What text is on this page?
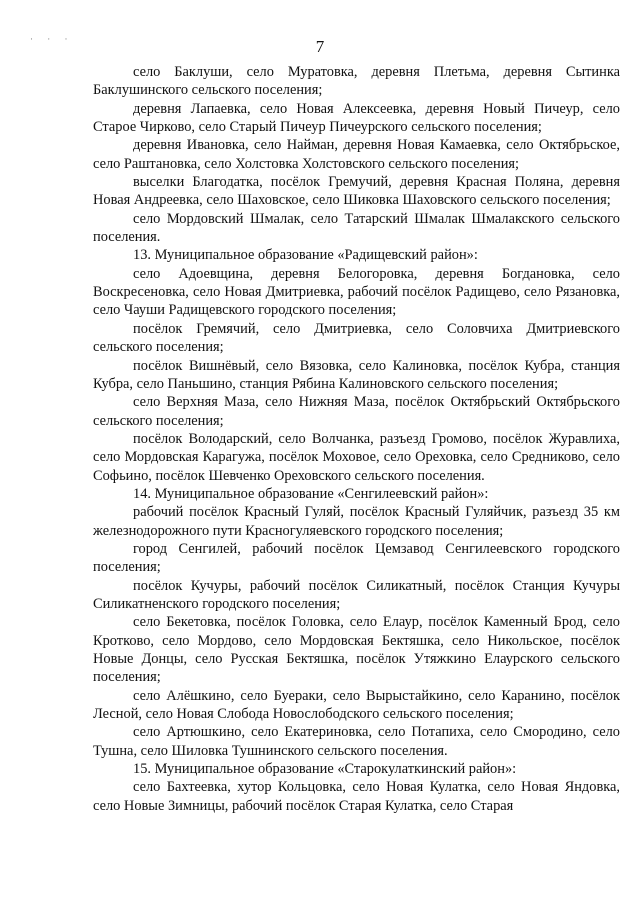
· · ·	7

село Баклуши, село Муратовка, деревня Плетьма, деревня Сытинка Баклушинского сельского поселения;

деревня Лапаевка, село Новая Алексеевка, деревня Новый Пичеур, село Старое Чирково, село Старый Пичеур Пичеурского сельского поселения;

деревня Ивановка, село Найман, деревня Новая Камаевка, село Октябрьское, село Раштановка, село Холстовка Холстовского сельского поселения;

выселки Благодатка, посёлок Гремучий, деревня Красная Поляна, деревня Новая Андреевка, село Шаховское, село Шиковка Шаховского сельского поселения;

село Мордовский Шмалак, село Татарский Шмалак Шмалакского сельского поселения.

13. Муниципальное образование «Радищевский район»:

село Адоевщина, деревня Белогоровка, деревня Богдановка, село Воскресеновка, село Новая Дмитриевка, рабочий посёлок Радищево, село Рязановка, село Чауши Радищевского городского поселения;

посёлок Гремячий, село Дмитриевка, село Соловчиха Дмитриевского сельского поселения;

посёлок Вишнёвый, село Вязовка, село Калиновка, посёлок Кубра, станция Кубра, село Паньшино, станция Рябина Калиновского сельского поселения;

село Верхняя Маза, село Нижняя Маза, посёлок Октябрьский Октябрьского сельского поселения;

посёлок Володарский, село Волчанка, разъезд Громово, посёлок Журавлиха, село Мордовская Карагужа, посёлок Моховое, село Ореховка, село Средниково, село Софьино, посёлок Шевченко Ореховского сельского поселения.

14. Муниципальное образование «Сенгилеевский район»:

рабочий посёлок Красный Гуляй, посёлок Красный Гуляйчик, разъезд 35 км железнодорожного пути Красногуляевского городского поселения;

город Сенгилей, рабочий посёлок Цемзавод Сенгилеевского городского поселения;

посёлок Кучуры, рабочий посёлок Силикатный, посёлок Станция Кучуры Силикатненского городского поселения;

село Бекетовка, посёлок Головка, село Елаур, посёлок Каменный Брод, село Кротково, село Мордово, село Мордовская Бектяшка, село Никольское, посёлок Новые Донцы, село Русская Бектяшка, посёлок Утяжкино Елаурского сельского поселения;

село Алёшкино, село Буераки, село Вырыстайкино, село Каранино, посёлок Лесной, село Новая Слобода Новослободского сельского поселения;

село Артюшкино, село Екатериновка, село Потапиха, село Смородино, село Тушна, село Шиловка Тушнинского сельского поселения.

15. Муниципальное образование «Старокулаткинский район»:

село Бахтеевка, хутор Кольцовка, село Новая Кулатка, село Новая Яндовка, село Новые Зимницы, рабочий посёлок Старая Кулатка, село Старая
